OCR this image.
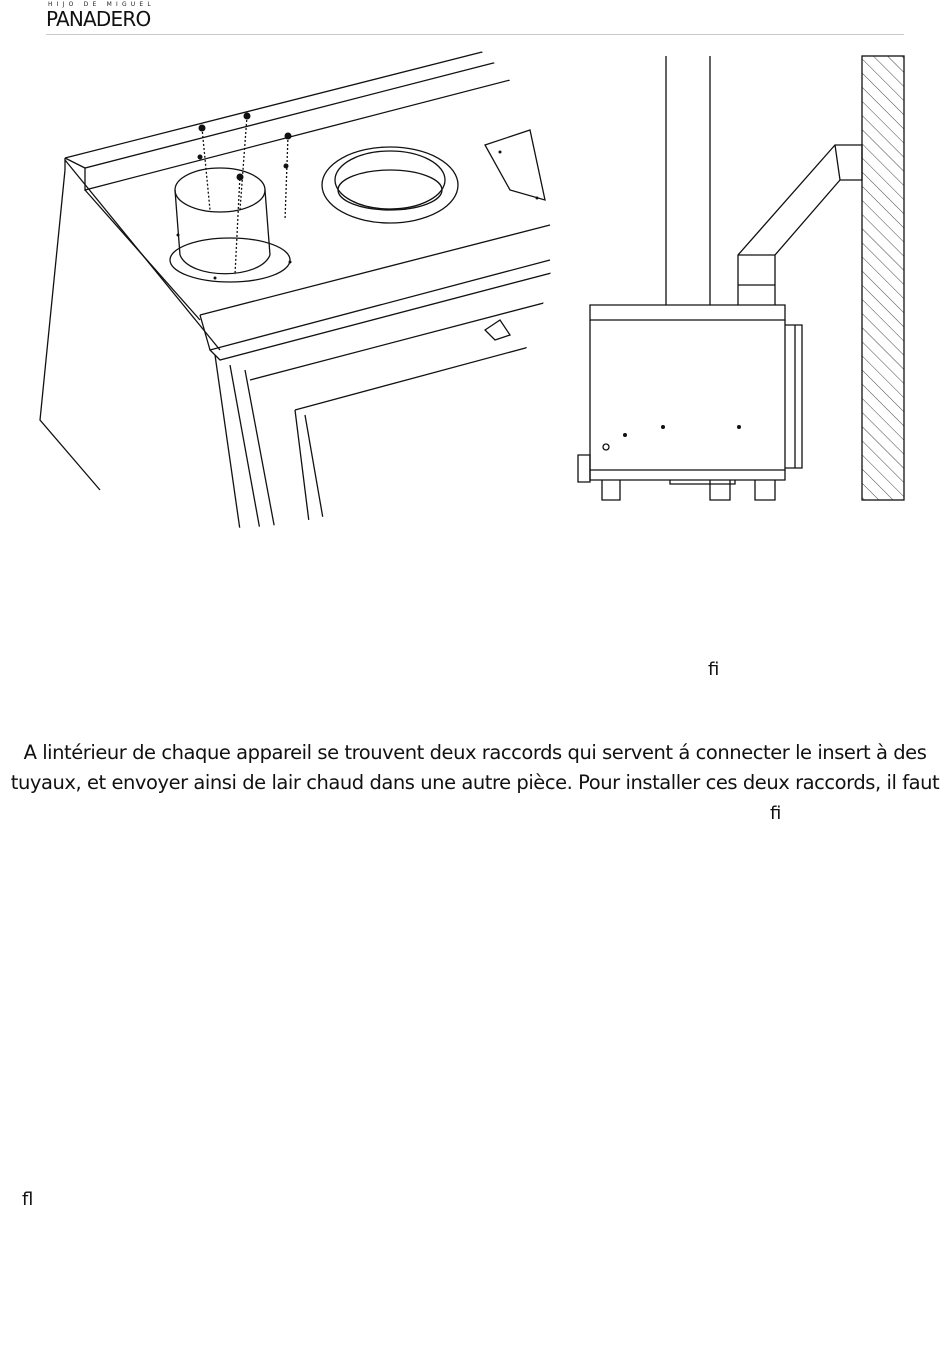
HIJO DE MIGUEL
PANADERO
fi
A lintérieur de chaque appareil se trouvent deux raccords qui servent á connecter le insert à des
tuyaux, et envoyer ainsi de lair chaud dans une autre pièce. Pour installer ces deux raccords, il faut
fi
fl
